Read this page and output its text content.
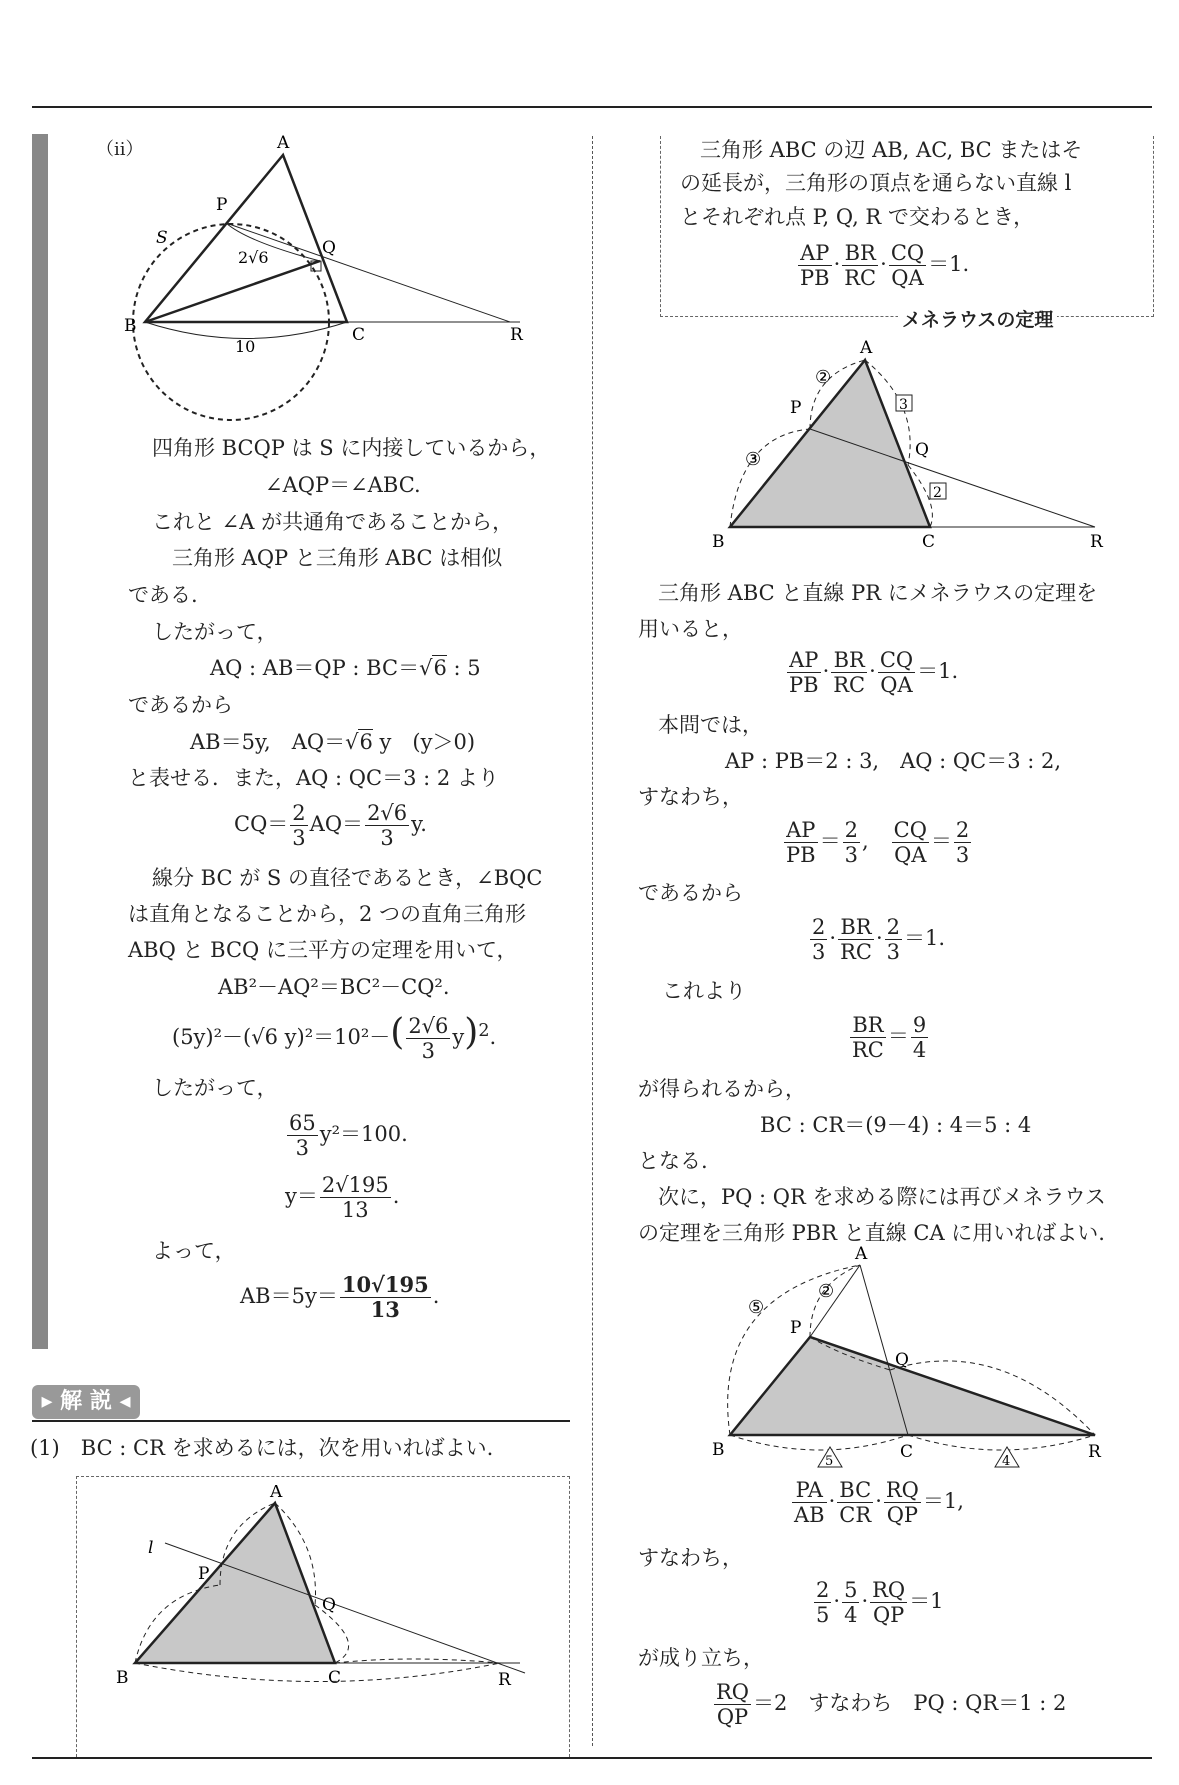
（ii）	A
P
S	Q
B	C	R
2√6
10
四角形 BCQP は S に内接しているから，
∠AQP＝∠ABC.
これと ∠A が共通角であることから，
三角形 AQP と三角形 ABC は相似
である.
したがって，
AQ : AB＝QP : BC＝√6 : 5
であるから
AB＝5y,　AQ＝√6 y　(y＞0)
と表せる．また，AQ : QC＝3 : 2 より
$CQ= \frac{2}{3} AQ= \frac{2√6}{3} y$.
線分 BC が S の直径であるとき，∠BQC
は直角となることから，2 つの直角三角形
ABQ と BCQ に三平方の定理を用いて，
AB²－AQ²＝BC²－CQ².
(5y)²－(√6 $y)^2=10^2-( \frac{2√6}{3} y)^2$.
したがって，
$\frac{65}{3} y^2=100$.
$y= \frac{2√195}{13}$ .
よって，
$AB=5y= \frac{10√195}{13}$ .
▸ 解 説 ◂
(1)　BC : CR を求めるには，次を用いればよい.
A
P
Q
l
B	C	R
三角形 ABC の辺 AB, AC, BC またはそ
の延長が，三角形の頂点を通らない直線 l
とそれぞれ点 P, Q, R で交わるとき，
$\frac{AP}{PB} \cdot \frac{BR}{RC} \cdot \frac{CQ}{QA} =1$.
メネラウスの定理
A
P
Q
B	C	R
②
③
3
2
三角形 ABC と直線 PR にメネラウスの定理を
用いると，
$\frac{AP}{PB} \cdot \frac{BR}{RC} \cdot \frac{CQ}{QA} =1$.
本問では，
AP : PB＝2 : 3,　AQ : QC＝3 : 2,
すなわち，
$\frac{AP}{PB} = \frac{2}{3}$ ,　 $\frac{CQ}{QA} = \frac{2}{3}$
であるから
$\frac{2}{3} \cdot \frac{BR}{RC} \cdot \frac{2}{3} =1$.
これより
$\frac{BR}{RC} = \frac{9}{4}$
が得られるから，
BC : CR＝(9－4) : 4＝5 : 4
となる.
次に，PQ : QR を求める際には再びメネラウス
の定理を三角形 PBR と直線 CA に用いればよい.
A
P
Q
B	C	R
⑤
②
5	4
$\frac{PA}{AB} \cdot \frac{BC}{CR} \cdot \frac{RQ}{QP} =1$,
すなわち，
$\frac{2}{5} \cdot \frac{5}{4} \cdot \frac{RQ}{QP} =1$
が成り立ち，
$\frac{RQ}{QP} =2$　すなわち　PQ : QR＝1 : 2
